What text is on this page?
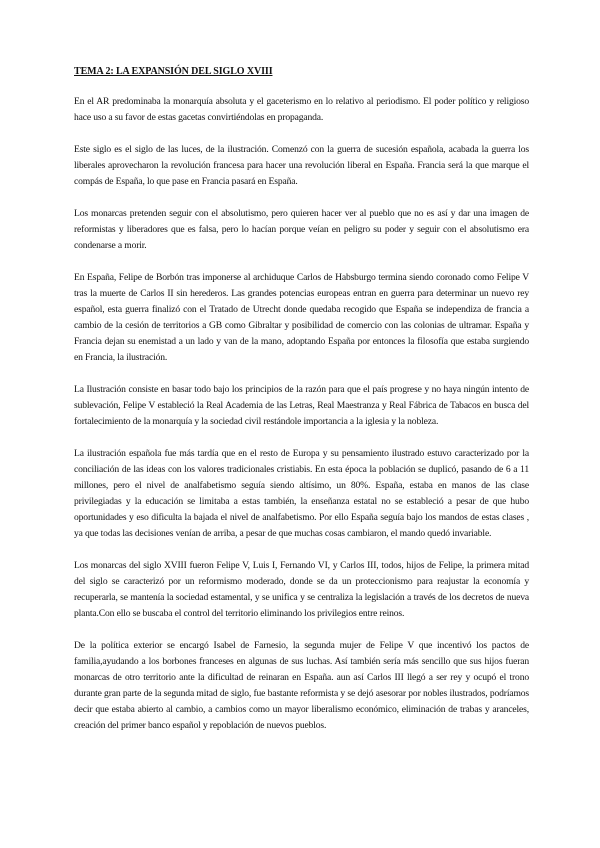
TEMA 2: LA EXPANSIÓN DEL SIGLO XVIII

En el AR predominaba la monarquía absoluta y el gaceterismo en lo relativo al periodismo. El poder político y religioso hace uso a su favor de estas gacetas convirtiéndolas en propaganda.

Este siglo es el siglo de las luces, de la ilustración. Comenzó con la guerra de sucesión española, acabada la guerra los liberales aprovecharon la revolución francesa para hacer una revolución liberal en España. Francia será la que marque el compás de España, lo que pase en Francia pasará en España.

Los monarcas pretenden seguir con el absolutismo, pero quieren hacer ver al pueblo que no es así y dar una imagen de reformistas y liberadores que es falsa, pero lo hacían porque veían en peligro su poder y seguir con el absolutismo era condenarse a morir.

En España, Felipe de Borbón tras imponerse al archiduque Carlos de Habsburgo termina siendo coronado como Felipe V tras la muerte de Carlos II sin herederos. Las grandes potencias europeas entran en guerra para determinar un nuevo rey español, esta guerra finalizó con el Tratado de Utrecht donde quedaba recogido que España se independiza de francia a cambio de la cesión de territorios a GB como Gibraltar y posibilidad de comercio con las colonias de ultramar. España y Francia dejan su enemistad a un lado y van de la mano, adoptando España por entonces la filosofía que estaba surgiendo en Francia, la ilustración.

La Ilustración consiste en basar todo bajo los principios de la razón para que el país progrese y no haya ningún intento de sublevación, Felipe V estableció la Real Academia de las Letras, Real Maestranza y Real Fábrica de Tabacos en busca del fortalecimiento de la monarquía y la sociedad civil restándole importancia a la iglesia y la nobleza.

La ilustración española fue más tardía que en el resto de Europa y su pensamiento ilustrado estuvo caracterizado por la conciliación de las ideas con los valores tradicionales cristiabis. En esta época la población se duplicó, pasando de 6 a 11 millones, pero el nivel de analfabetismo seguía siendo altísimo, un 80%. España, estaba en manos de las clase privilegiadas y la educación se limitaba a estas también, la enseñanza estatal no se estableció a pesar de que hubo oportunidades y eso dificulta la bajada el nivel de analfabetismo. Por ello España seguía bajo los mandos de estas clases , ya que todas las decisiones venían de arriba, a pesar de que muchas cosas cambiaron, el mando quedó invariable.

Los monarcas del siglo XVIII fueron Felipe V, Luis I, Fernando VI, y Carlos III, todos, hijos de Felipe, la primera mitad del siglo se caracterizó por un reformismo moderado, donde se da un proteccionismo para reajustar la economía y recuperarla, se mantenía la sociedad estamental, y se unifica y se centraliza la legislación a través de los decretos de nueva planta.Con ello se buscaba el control del territorio eliminando los privilegios entre reinos.

De la política exterior se encargó Isabel de Farnesio, la segunda mujer de Felipe V que incentivó los pactos de familia,ayudando a los borbones franceses en algunas de sus luchas. Así también sería más sencillo que sus hijos fueran monarcas de otro territorio ante la dificultad de reinaran en España. aun así Carlos III llegó a ser rey y ocupó el trono durante gran parte de la segunda mitad de siglo, fue bastante reformista y se dejó asesorar por nobles ilustrados, podríamos decir que estaba abierto al cambio, a cambios como un mayor liberalismo económico, eliminación de trabas y aranceles, creación del primer banco español y repoblación de nuevos pueblos.
